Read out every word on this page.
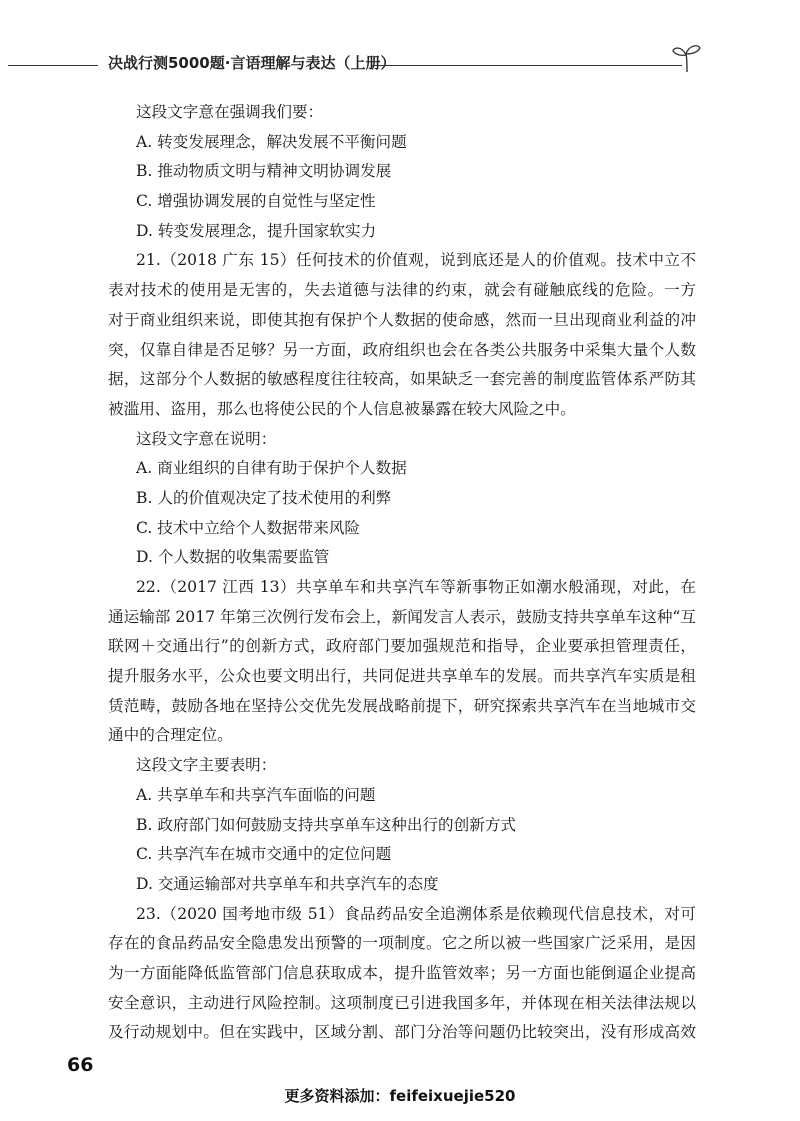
决战行测5000题·言语理解与表达（上册）
这段文字意在强调我们要：
A. 转变发展理念，解决发展不平衡问题
B. 推动物质文明与精神文明协调发展
C. 增强协调发展的自觉性与坚定性
D. 转变发展理念，提升国家软实力
21.（2018 广东 15）任何技术的价值观，说到底还是人的价值观。技术中立不
表对技术的使用是无害的，失去道德与法律的约束，就会有碰触底线的危险。一方
对于商业组织来说，即使其抱有保护个人数据的使命感，然而一旦出现商业利益的冲
突，仅靠自律是否足够？另一方面，政府组织也会在各类公共服务中采集大量个人数
据，这部分个人数据的敏感程度往往较高，如果缺乏一套完善的制度监管体系严防其
被滥用、盗用，那么也将使公民的个人信息被暴露在较大风险之中。
这段文字意在说明：
A. 商业组织的自律有助于保护个人数据
B. 人的价值观决定了技术使用的利弊
C. 技术中立给个人数据带来风险
D. 个人数据的收集需要监管
22.（2017 江西 13）共享单车和共享汽车等新事物正如潮水般涌现，对此，在
通运输部 2017 年第三次例行发布会上，新闻发言人表示，鼓励支持共享单车这种“互
联网＋交通出行”的创新方式，政府部门要加强规范和指导，企业要承担管理责任，
提升服务水平，公众也要文明出行，共同促进共享单车的发展。而共享汽车实质是租
赁范畴，鼓励各地在坚持公交优先发展战略前提下，研究探索共享汽车在当地城市交
通中的合理定位。
这段文字主要表明：
A. 共享单车和共享汽车面临的问题
B. 政府部门如何鼓励支持共享单车这种出行的创新方式
C. 共享汽车在城市交通中的定位问题
D. 交通运输部对共享单车和共享汽车的态度
23.（2020 国考地市级 51）食品药品安全追溯体系是依赖现代信息技术，对可
存在的食品药品安全隐患发出预警的一项制度。它之所以被一些国家广泛采用，是因
为一方面能降低监管部门信息获取成本，提升监管效率；另一方面也能倒逼企业提高
安全意识，主动进行风险控制。这项制度已引进我国多年，并体现在相关法律法规以
及行动规划中。但在实践中，区域分割、部门分治等问题仍比较突出，没有形成高效
66
更多资料添加：feifeixuejie520
